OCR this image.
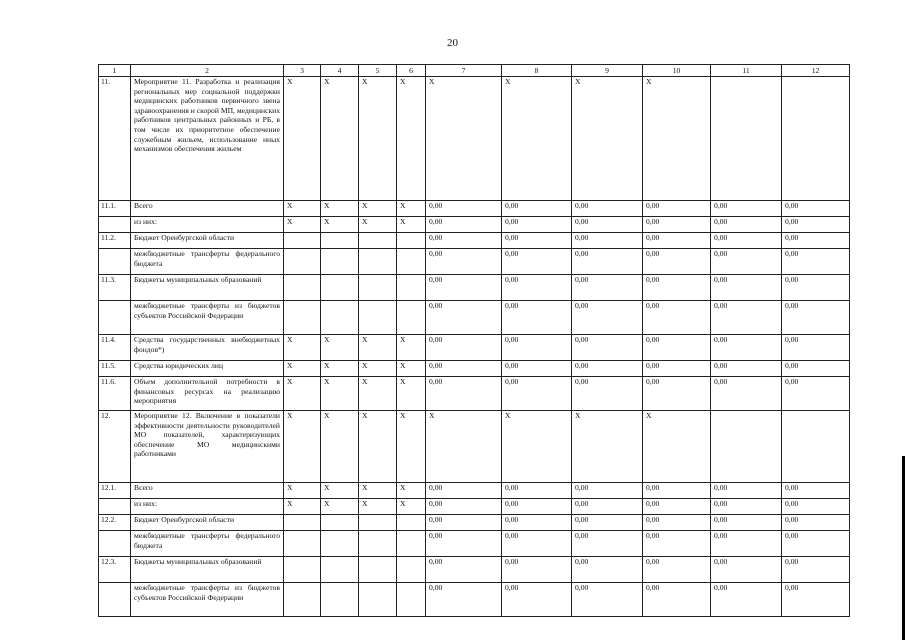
20
1	2	3	4	5	6	7	8	9	10	11	12
11.	Мероприятие 11. Разработка и реализация региональных мер социальной поддержки медицинских работников первичного звена здравоохранения и скорой МП, медицинских работников центральных районных и РБ, в том числе их приоритетное обеспечение служебным жильем, использование иных механизмов обеспечения жильем	X	X	X	X	X	X	X	X		
11.1.	Всего	X	X	X	X	0,00	0,00	0,00	0,00	0,00	0,00
	из них:	X	X	X	X	0,00	0,00	0,00	0,00	0,00	0,00
11.2.	Бюджет Оренбургской области					0,00	0,00	0,00	0,00	0,00	0,00
	межбюджетные трансферты федерального бюджета					0,00	0,00	0,00	0,00	0,00	0,00
11.3.	Бюджеты муниципальных образований					0,00	0,00	0,00	0,00	0,00	0,00
	межбюджетные трансферты из бюджетов субъектов Российской Федерации					0,00	0,00	0,00	0,00	0,00	0,00
11.4.	Средства государственных внебюджетных фондов*)	X	X	X	X	0,00	0,00	0,00	0,00	0,00	0,00
11.5.	Средства юридических лиц	X	X	X	X	0,00	0,00	0,00	0,00	0,00	0,00
11.6.	Объем дополнительной потребности в финансовых ресурсах на реализацию мероприятия	X	X	X	X	0,00	0,00	0,00	0,00	0,00	0,00
12.	Мероприятие 12. Включение в показатели эффективности деятельности руководителей МО показателей, характеризующих обеспечение МО медицинскими работниками	X	X	X	X	X	X	X	X		
12.1.	Всего	X	X	X	X	0,00	0,00	0,00	0,00	0,00	0,00
	из них:	X	X	X	X	0,00	0,00	0,00	0,00	0,00	0,00
12.2.	Бюджет Оренбургской области					0,00	0,00	0,00	0,00	0,00	0,00
	межбюджетные трансферты федерального бюджета					0,00	0,00	0,00	0,00	0,00	0,00
12.3.	Бюджеты муниципальных образований					0,00	0,00	0,00	0,00	0,00	0,00
	межбюджетные трансферты из бюджетов субъектов Российской Федерации					0,00	0,00	0,00	0,00	0,00	0,00
